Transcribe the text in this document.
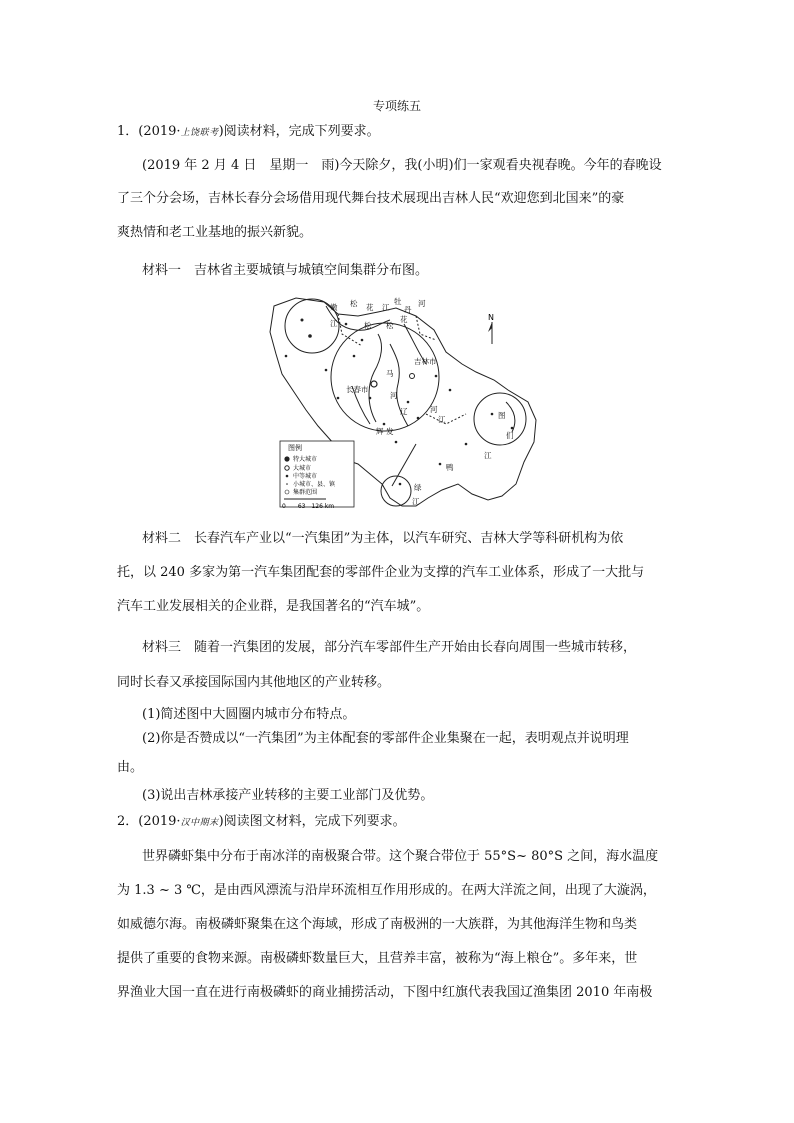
专项练五
1．(2019·上饶联考)阅读材料，完成下列要求。
(2019 年 2 月 4 日　星期一　雨)今天除夕，我(小明)们一家观看央视春晚。今年的春晚设
了三个分会场，吉林长春分会场借用现代舞台技术展现出吉林人民“欢迎您到北国来”的豪
爽热情和老工业基地的振兴新貌。
材料一　吉林省主要城镇与城镇空间集群分布图。
N
嫩
江
松 花 江
牡
丹
河
松 松
花
吉林市
长春市
马
河
辽	河
辉 发
图
们
江
鸭
绿
江
江
图例
特大城市
大城市
中等城市
小城市、县、镇
集群范围
0　　63　126 km
材料二　长春汽车产业以“一汽集团”为主体，以汽车研究、吉林大学等科研机构为依
托，以 240 多家为第一汽车集团配套的零部件企业为支撑的汽车工业体系，形成了一大批与
汽车工业发展相关的企业群，是我国著名的“汽车城”。
材料三　随着一汽集团的发展，部分汽车零部件生产开始由长春向周围一些城市转移，
同时长春又承接国际国内其他地区的产业转移。
(1)简述图中大圆圈内城市分布特点。
(2)你是否赞成以“一汽集团”为主体配套的零部件企业集聚在一起，表明观点并说明理
由。
(3)说出吉林承接产业转移的主要工业部门及优势。
2．(2019·汉中期末)阅读图文材料，完成下列要求。
世界磷虾集中分布于南冰洋的南极聚合带。这个聚合带位于 55°S~ 80°S 之间，海水温度
为 1.3 ~ 3 ℃，是由西风漂流与沿岸环流相互作用形成的。在两大洋流之间，出现了大漩涡，
如威德尔海。南极磷虾聚集在这个海域，形成了南极洲的一大族群，为其他海洋生物和鸟类
提供了重要的食物来源。南极磷虾数量巨大，且营养丰富，被称为“海上粮仓”。多年来，世
界渔业大国一直在进行南极磷虾的商业捕捞活动，下图中红旗代表我国辽渔集团 2010 年南极
